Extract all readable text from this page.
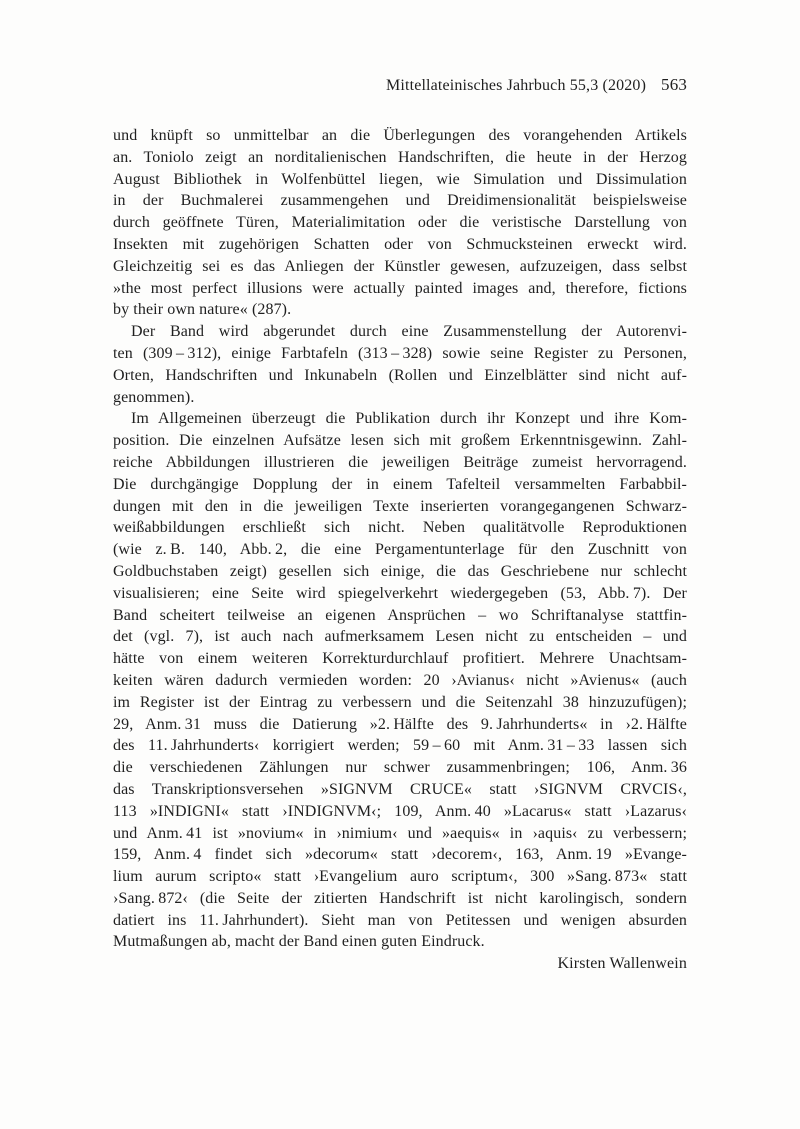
Mittellateinisches Jahrbuch 55,3 (2020) 563
und knüpft so unmittelbar an die Überlegungen des vorangehenden Artikels
an. Toniolo zeigt an norditalienischen Handschriften, die heute in der Herzog
August Bibliothek in Wolfenbüttel liegen, wie Simulation und Dissimulation
in der Buchmalerei zusammengehen und Dreidimensionalität beispielsweise
durch geöffnete Türen, Materialimitation oder die veristische Darstellung von
Insekten mit zugehörigen Schatten oder von Schmucksteinen erweckt wird.
Gleichzeitig sei es das Anliegen der Künstler gewesen, aufzuzeigen, dass selbst
»the most perfect illusions were actually painted images and, therefore, fictions
by their own nature« (287).
Der Band wird abgerundet durch eine Zusammenstellung der Autorenvi-
ten (309 – 312), einige Farbtafeln (313 – 328) sowie seine Register zu Personen,
Orten, Handschriften und Inkunabeln (Rollen und Einzelblätter sind nicht auf-
genommen).
Im Allgemeinen überzeugt die Publikation durch ihr Konzept und ihre Kom-
position. Die einzelnen Aufsätze lesen sich mit großem Erkenntnisgewinn. Zahl-
reiche Abbildungen illustrieren die jeweiligen Beiträge zumeist hervorragend.
Die durchgängige Dopplung der in einem Tafelteil versammelten Farbabbil-
dungen mit den in die jeweiligen Texte inserierten vorangegangenen Schwarz-
weißabbildungen erschließt sich nicht. Neben qualitätvolle Reproduktionen
(wie z. B. 140, Abb. 2, die eine Pergamentunterlage für den Zuschnitt von
Goldbuchstaben zeigt) gesellen sich einige, die das Geschriebene nur schlecht
visualisieren; eine Seite wird spiegelverkehrt wiedergegeben (53, Abb. 7). Der
Band scheitert teilweise an eigenen Ansprüchen – wo Schriftanalyse stattfin-
det (vgl. 7), ist auch nach aufmerksamem Lesen nicht zu entscheiden – und
hätte von einem weiteren Korrekturdurchlauf profitiert. Mehrere Unachtsam-
keiten wären dadurch vermieden worden: 20 ›Avianus‹ nicht »Avienus« (auch
im Register ist der Eintrag zu verbessern und die Seitenzahl 38 hinzuzufügen);
29, Anm. 31 muss die Datierung »2. Hälfte des 9. Jahrhunderts« in ›2. Hälfte
des 11. Jahrhunderts‹ korrigiert werden; 59 – 60 mit Anm. 31 – 33 lassen sich
die verschiedenen Zählungen nur schwer zusammenbringen; 106, Anm. 36
das Transkriptionsversehen »SIGNVM CRUCE« statt ›SIGNVM CRVCIS‹,
113 »INDIGNI« statt ›INDIGNVM‹; 109, Anm. 40 »Lacarus« statt ›Lazarus‹
und Anm. 41 ist »novium« in ›nimium‹ und »aequis« in ›aquis‹ zu verbessern;
159, Anm. 4 findet sich »decorum« statt ›decorem‹, 163, Anm. 19 »Evange-
lium aurum scripto« statt ›Evangelium auro scriptum‹, 300 »Sang. 873« statt
›Sang. 872‹ (die Seite der zitierten Handschrift ist nicht karolingisch, sondern
datiert ins 11. Jahrhundert). Sieht man von Petitessen und wenigen absurden
Mutmaßungen ab, macht der Band einen guten Eindruck.
Kirsten Wallenwein
